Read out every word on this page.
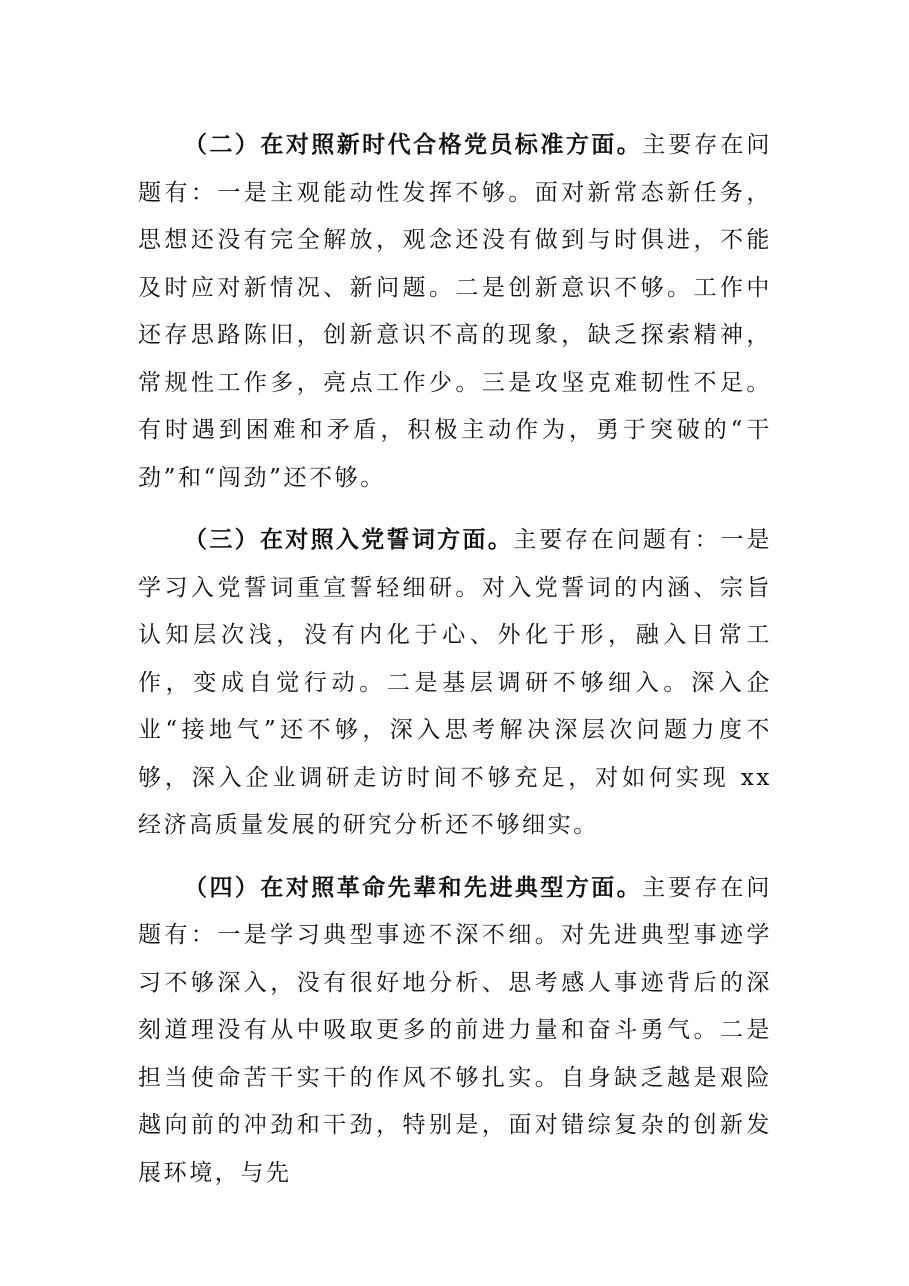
（二）在对照新时代合格党员标准方面。主要存在问题有：一是主观能动性发挥不够。面对新常态新任务，思想还没有完全解放，观念还没有做到与时俱进，不能及时应对新情况、新问题。二是创新意识不够。工作中还存思路陈旧，创新意识不高的现象，缺乏探索精神，常规性工作多，亮点工作少。三是攻坚克难韧性不足。有时遇到困难和矛盾，积极主动作为，勇于突破的“干劲”和“闯劲”还不够。

（三）在对照入党誓词方面。主要存在问题有：一是学习入党誓词重宣誓轻细研。对入党誓词的内涵、宗旨认知层次浅，没有内化于心、外化于形，融入日常工作，变成自觉行动。二是基层调研不够细入。深入企业“接地气”还不够，深入思考解决深层次问题力度不够，深入企业调研走访时间不够充足，对如何实现 xx 经济高质量发展的研究分析还不够细实。

（四）在对照革命先辈和先进典型方面。主要存在问题有：一是学习典型事迹不深不细。对先进典型事迹学习不够深入，没有很好地分析、思考感人事迹背后的深刻道理没有从中吸取更多的前进力量和奋斗勇气。二是担当使命苦干实干的作风不够扎实。自身缺乏越是艰险越向前的冲劲和干劲，特别是，面对错综复杂的创新发展环境，与先
